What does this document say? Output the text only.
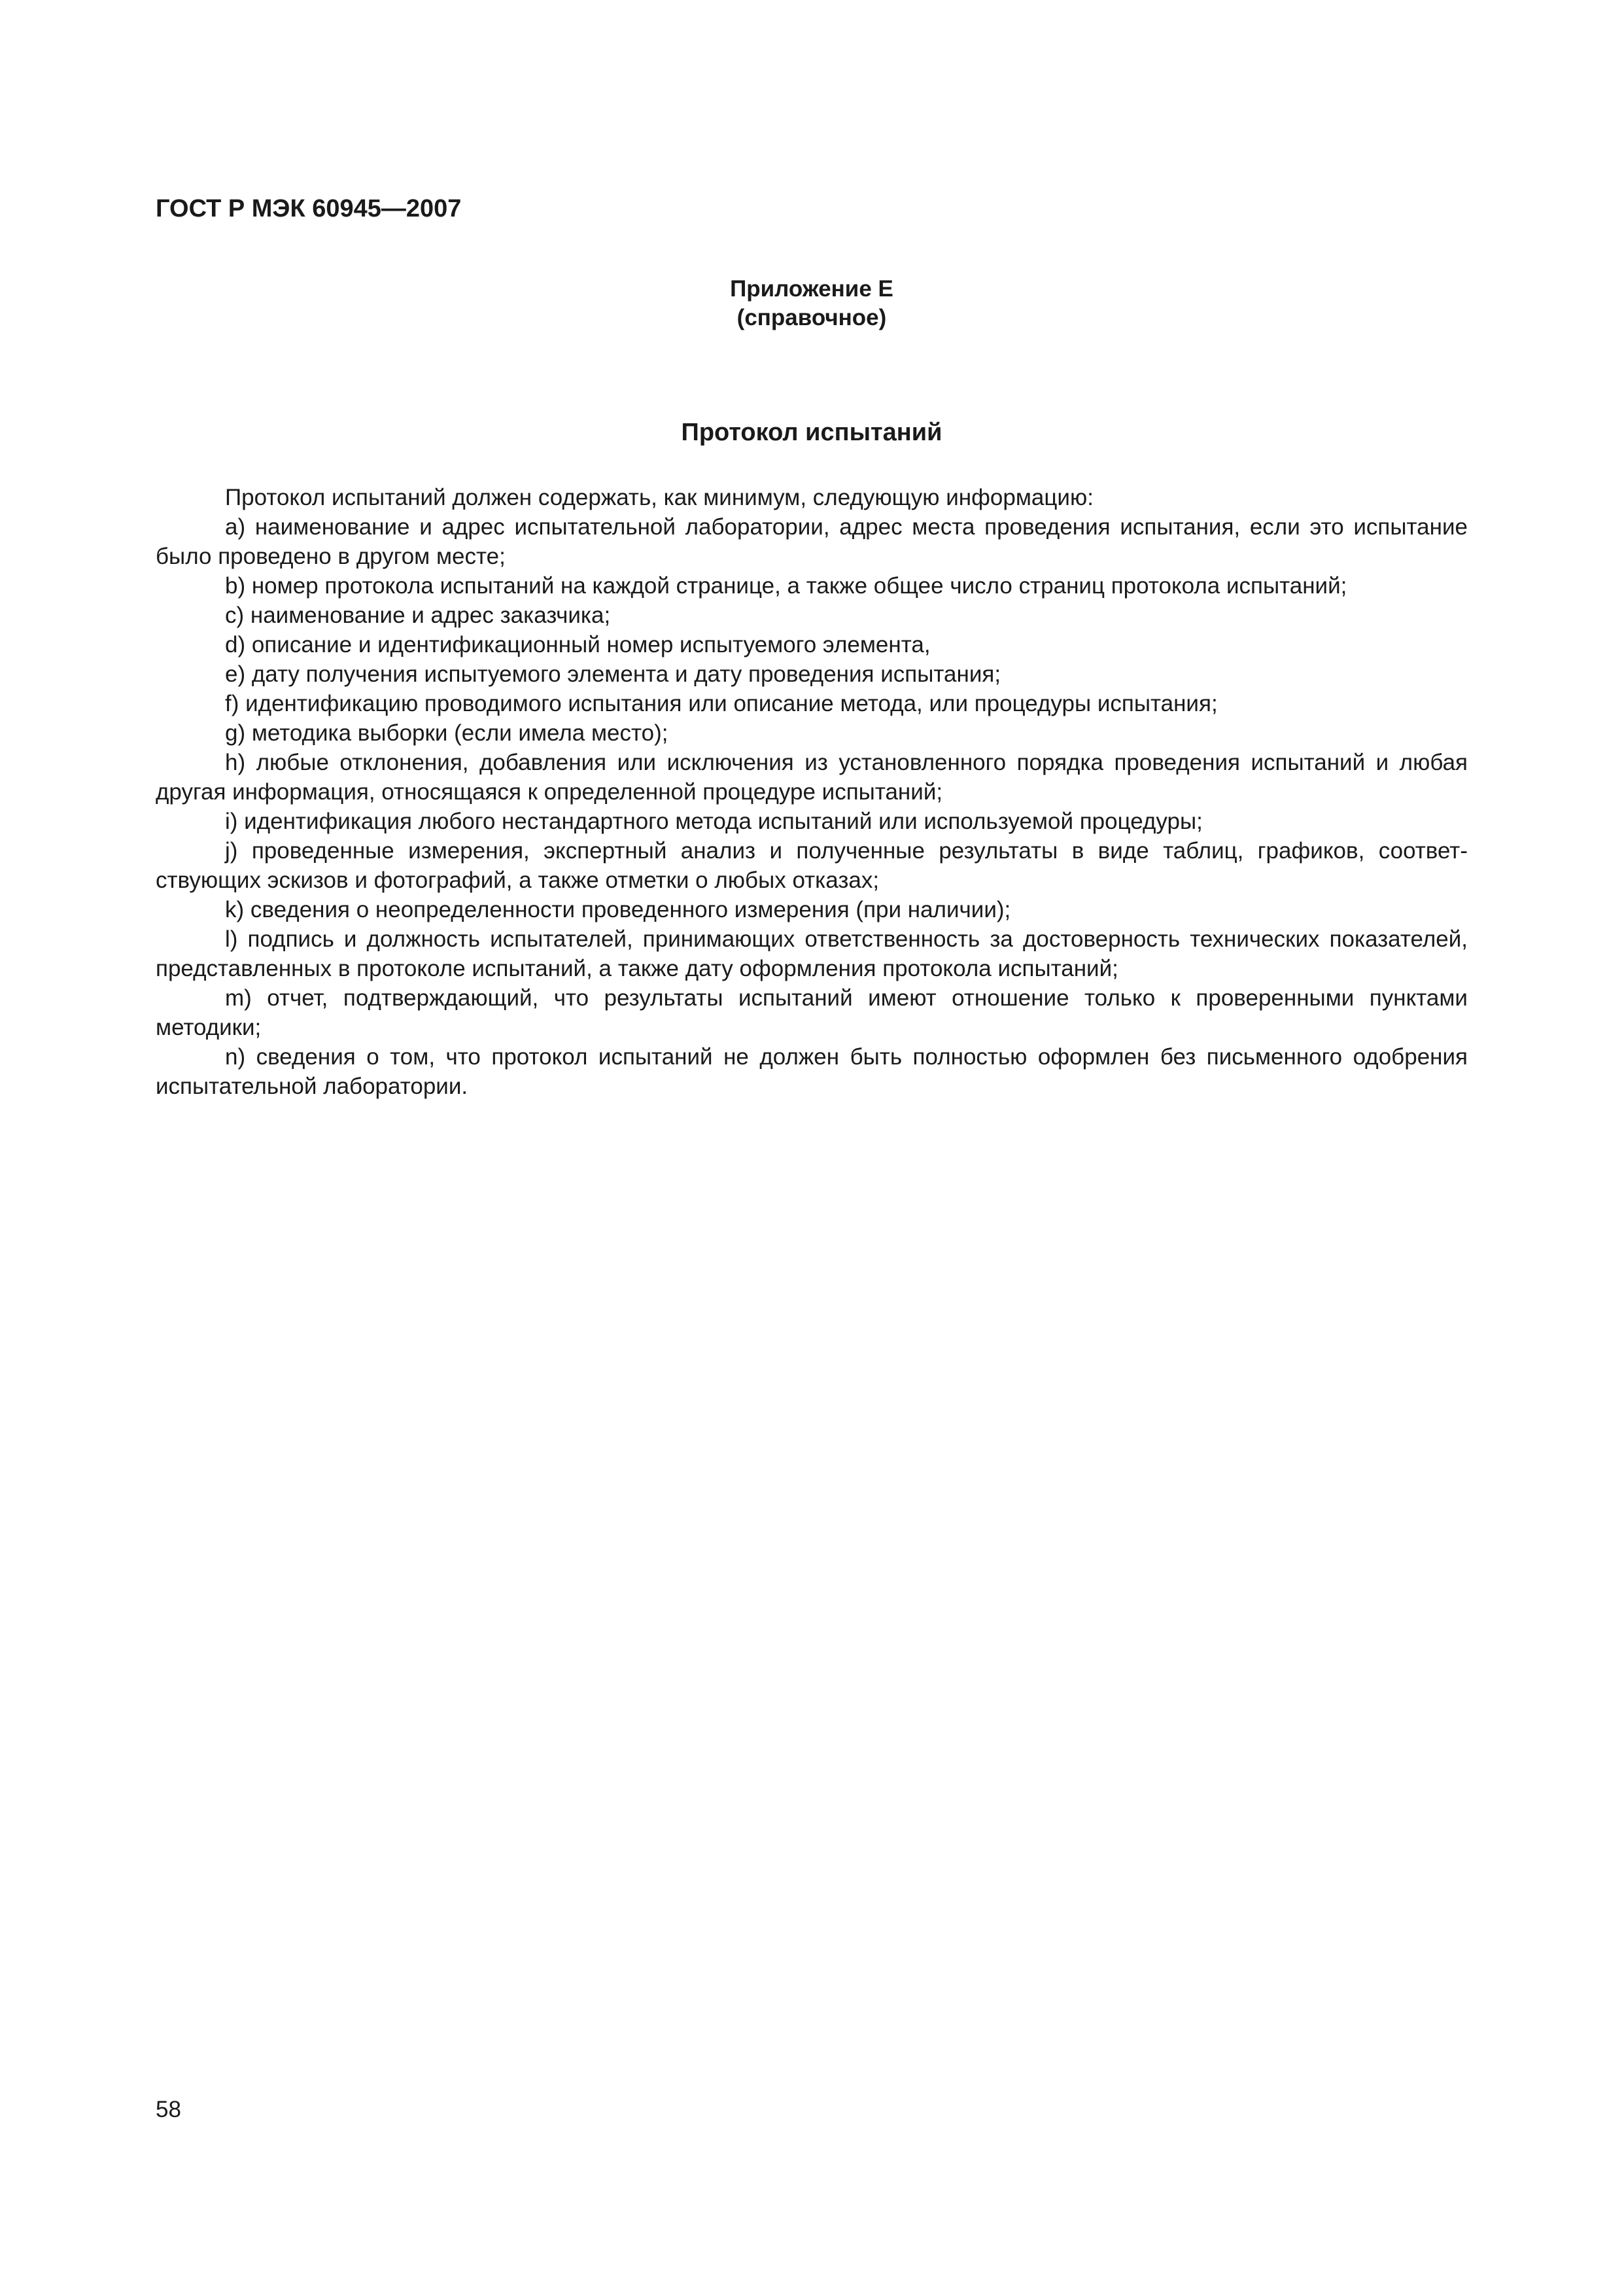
ГОСТ Р МЭК 60945—2007
Приложение Е
(справочное)
Протокол испытаний

Протокол испытаний должен содержать, как минимум, следующую информацию:

а) наименование и адрес испытательной лаборатории, адрес места проведения испытания, если это испытание было проведено в другом месте;

b) номер протокола испытаний на каждой странице, а также общее число страниц протокола испытаний;

c) наименование и адрес заказчика;

d) описание и идентификационный номер испытуемого элемента,

е) дату получения испытуемого элемента и дату проведения испытания;

f) идентификацию проводимого испытания или описание метода, или процедуры испытания;

g) методика выборки (если имела место);

h) любые отклонения, добавления или исключения из установленного порядка проведения испытаний и любая другая информация, относящаяся к определенной процедуре испытаний;

i) идентификация любого нестандартного метода испытаний или используемой процедуры;

j) проведенные измерения, экспертный анализ и полученные результаты в виде таблиц, графиков, соответствующих эскизов и фотографий, а также отметки о любых отказах;

k) сведения о неопределенности проведенного измерения (при наличии);

l) подпись и должность испытателей, принимающих ответственность за достоверность технических показателей, представленных в протоколе испытаний, а также дату оформления протокола испытаний;

m) отчет, подтверждающий, что результаты испытаний имеют отношение только к проверенными пунктами методики;

n) сведения о том, что протокол испытаний не должен быть полностью оформлен без письменного одобрения испытательной лаборатории.

58
